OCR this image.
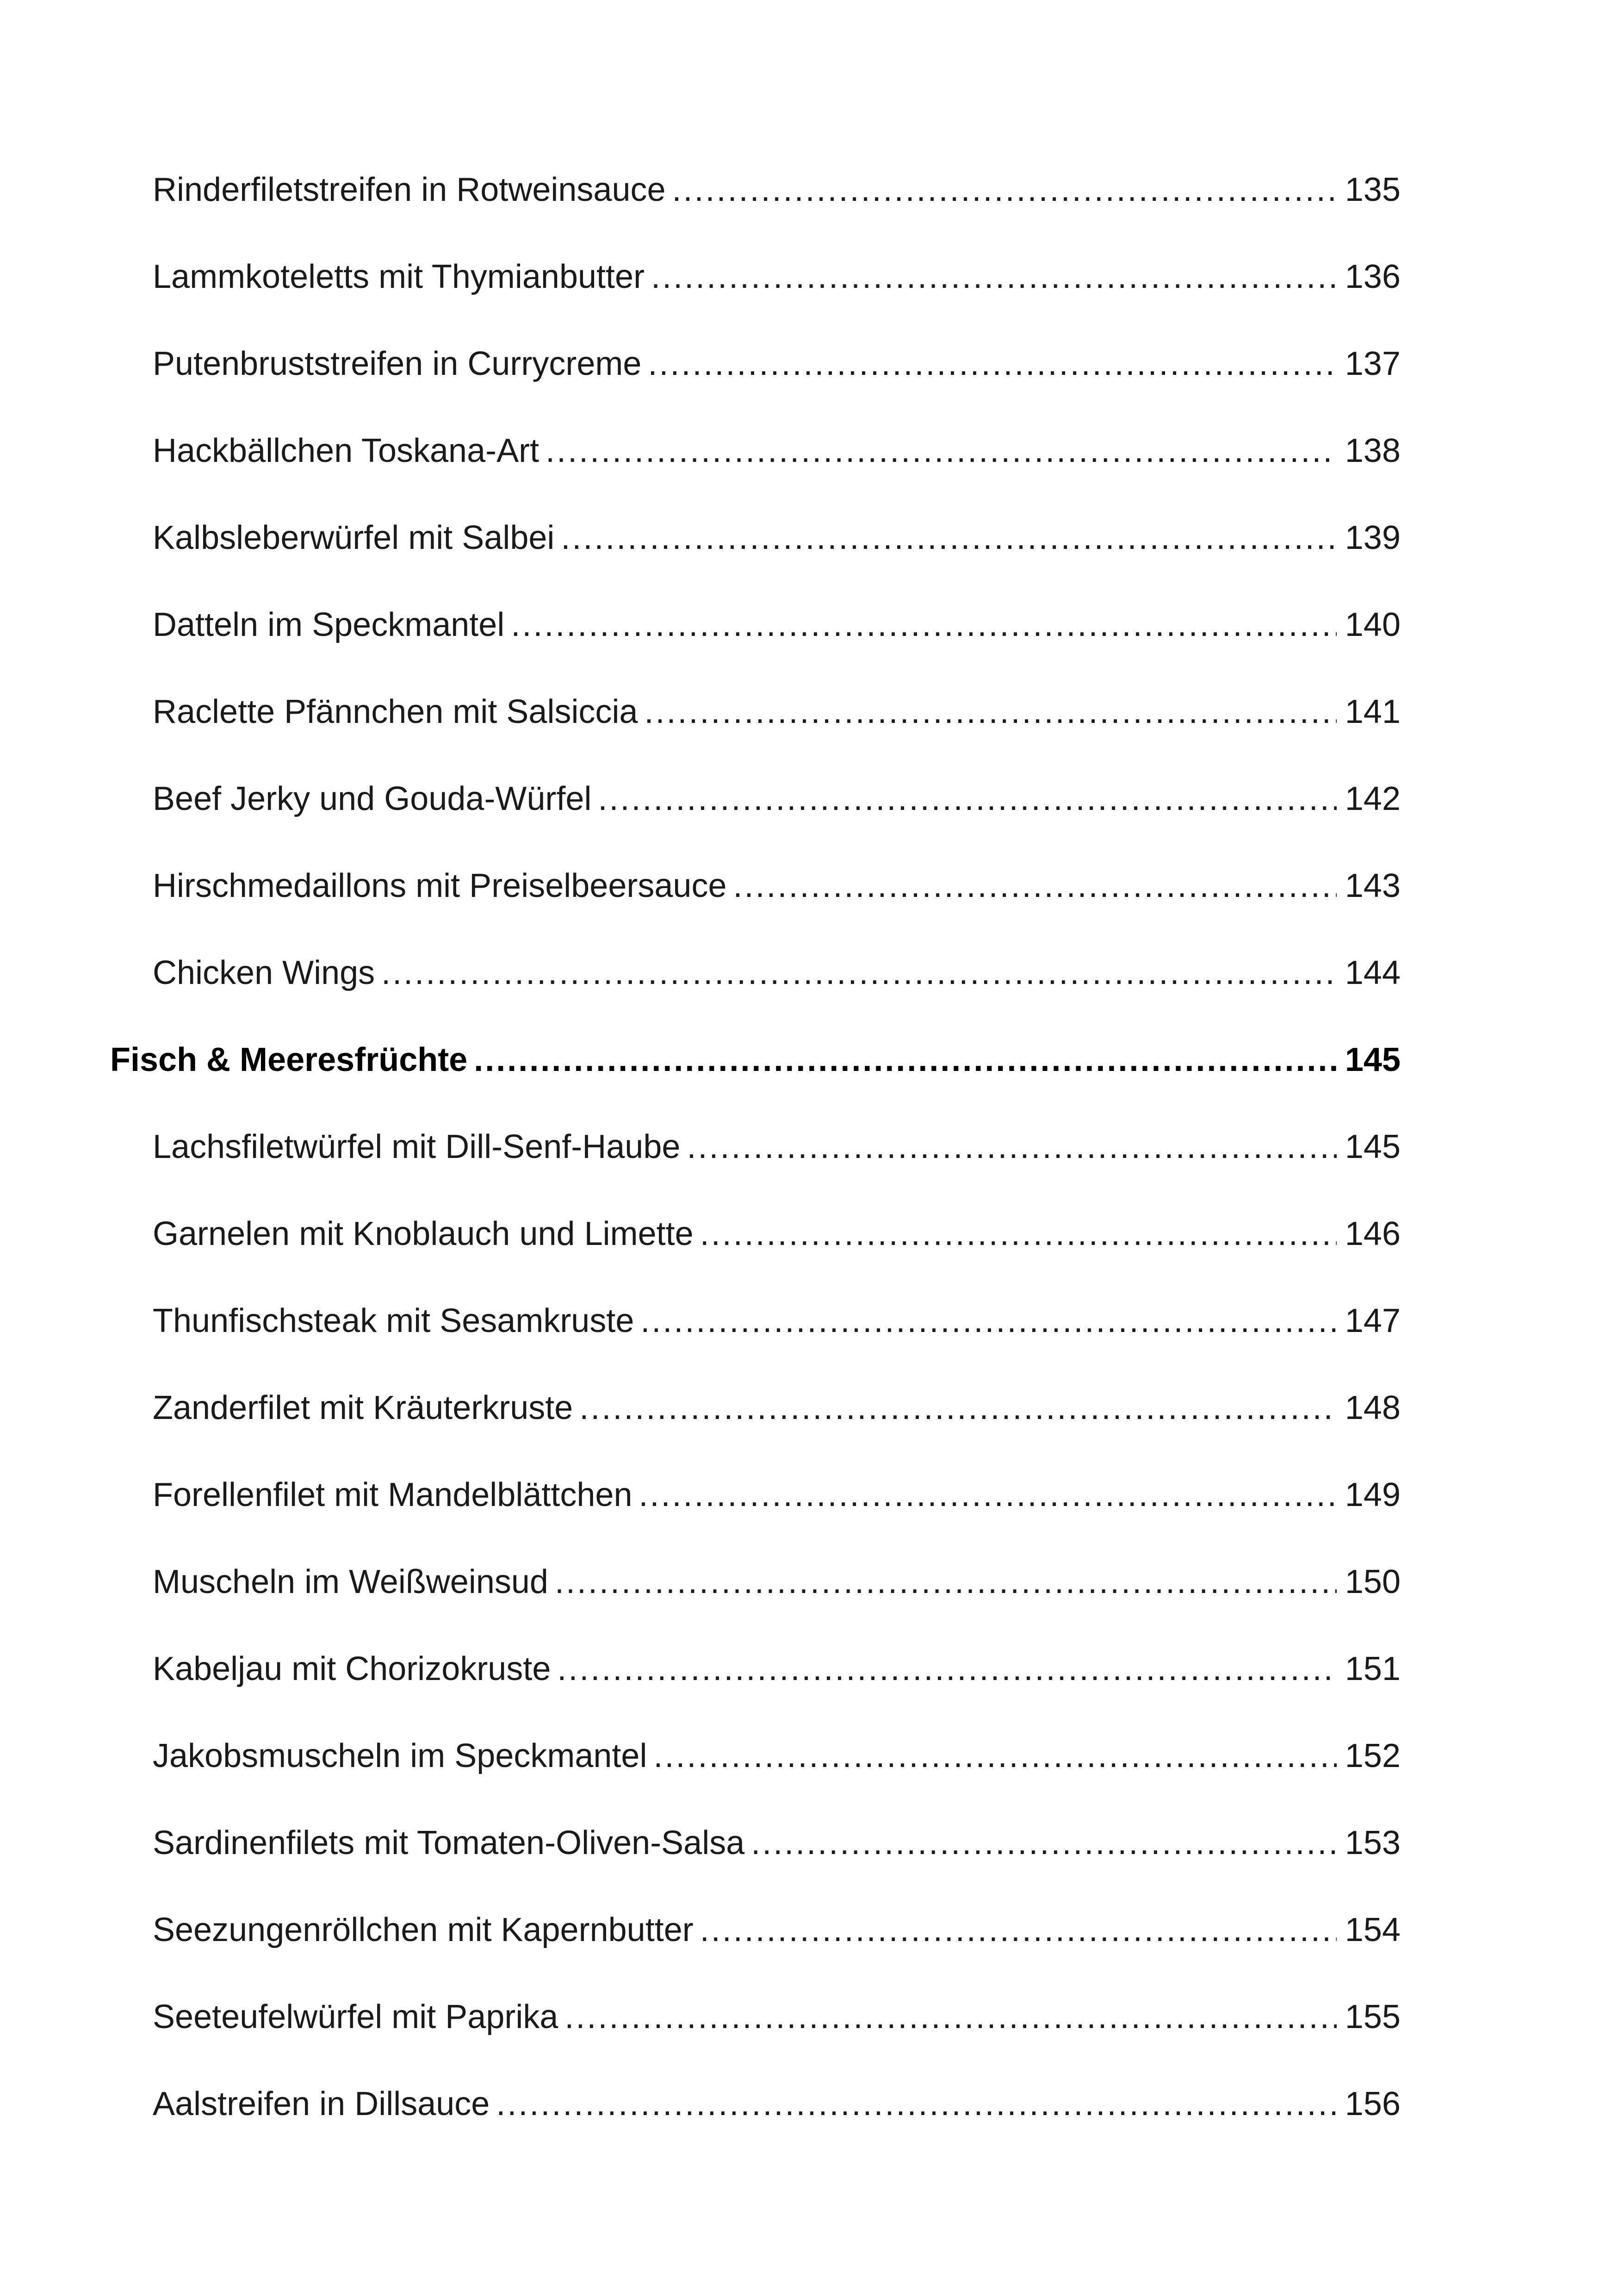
Rinderfiletstreifen in Rotweinsauce .....	135
Lammkoteletts mit Thymianbutter .....	136
Putenbruststreifen in Currycreme .....	137
Hackbällchen Toskana-Art .....	138
Kalbsleberwürfel mit Salbei .....	139
Datteln im Speckmantel .....	140
Raclette Pfännchen mit Salsiccia .....	141
Beef Jerky und Gouda-Würfel .....	142
Hirschmedaillons mit Preiselbeersauce .....	143
Chicken Wings .....	144
Fisch & Meeresfrüchte .....	145
Lachsfiletwürfel mit Dill-Senf-Haube .....	145
Garnelen mit Knoblauch und Limette .....	146
Thunfischsteak mit Sesamkruste .....	147
Zanderfilet mit Kräuterkruste .....	148
Forellenfilet mit Mandelblättchen .....	149
Muscheln im Weißweinsud .....	150
Kabeljau mit Chorizokruste .....	151
Jakobsmuscheln im Speckmantel .....	152
Sardinenfilets mit Tomaten-Oliven-Salsa .....	153
Seezungenröllchen mit Kapernbutter .....	154
Seeteufelwürfel mit Paprika .....	155
Aalstreifen in Dillsauce .....	156
